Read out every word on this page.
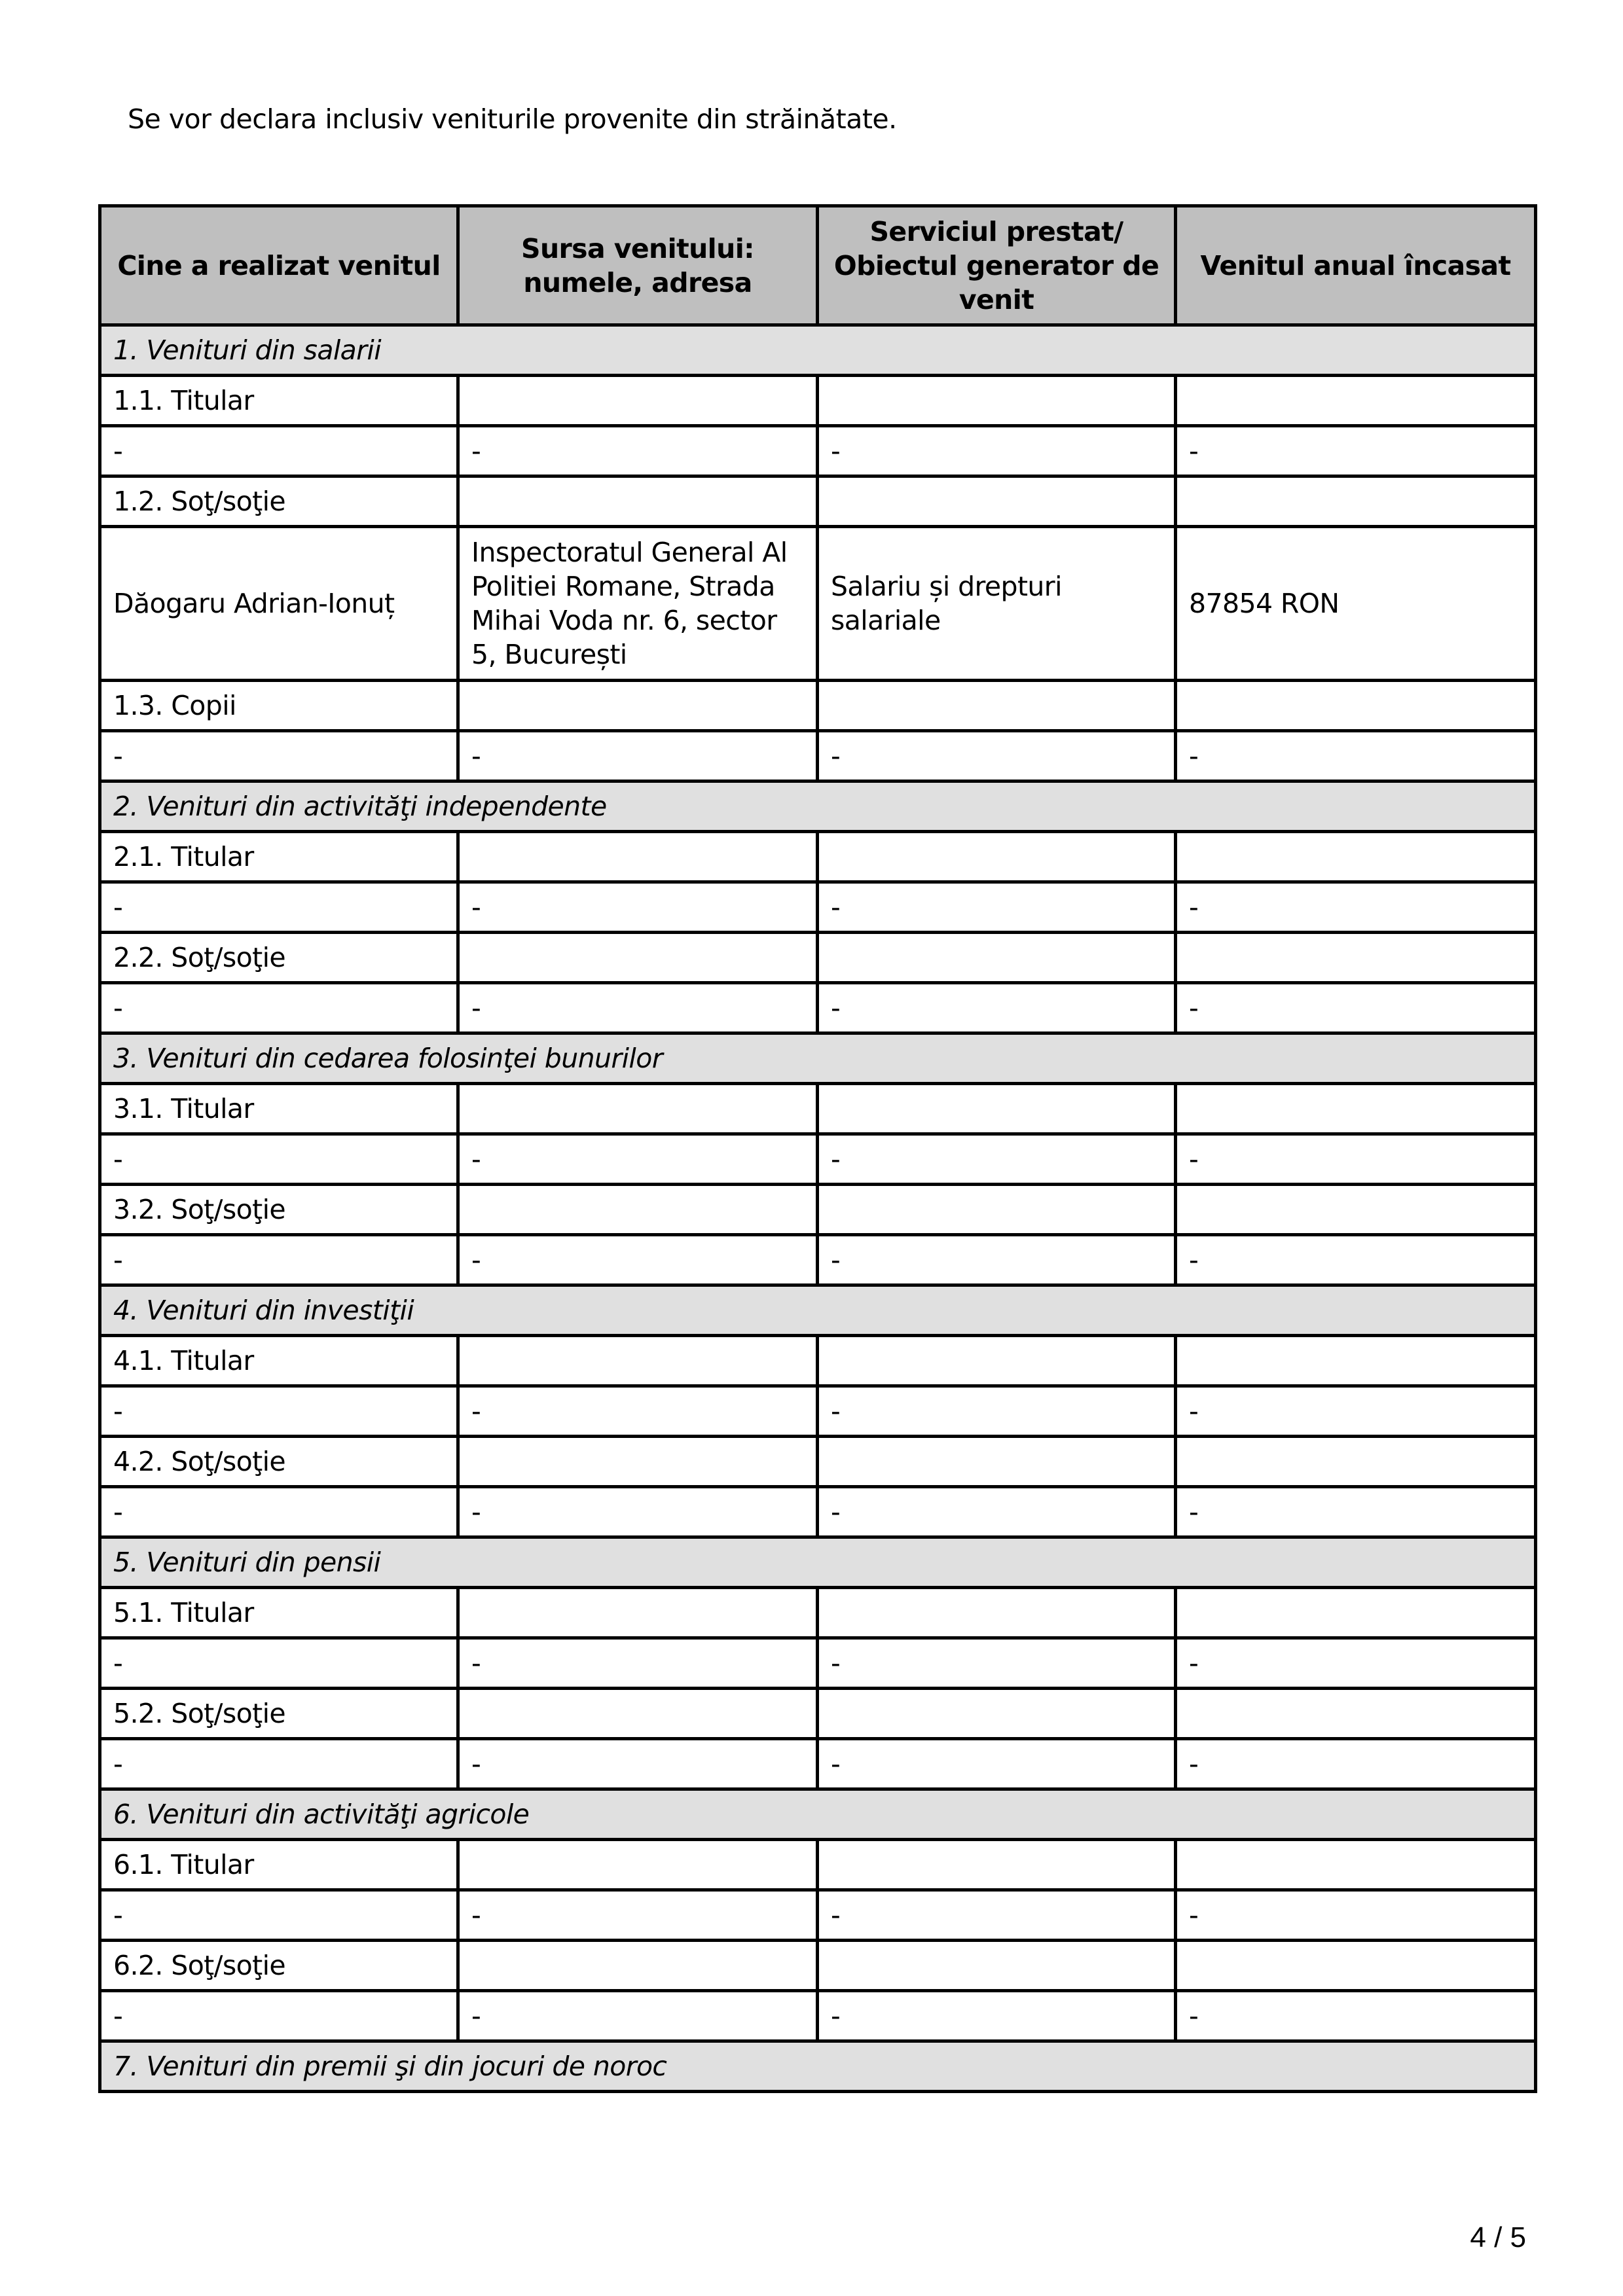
Se vor declara inclusiv veniturile provenite din străinătate.
Cine a realizat venitul	Sursa venitului: numele, adresa	Serviciul prestat/ Obiectul generator de venit	Venitul anual încasat
1. Venituri din salarii			
1.1. Titular			
-	-	-	-
1.2. Soţ/soţie			
Dăogaru Adrian-Ionuț	Inspectoratul General Al Politiei Romane, Strada Mihai Voda nr. 6, sector 5, București	Salariu și drepturi salariale	87854 RON
1.3. Copii			
-	-	-	-
2. Venituri din activităţi independente			
2.1. Titular			
-	-	-	-
2.2. Soţ/soţie			
-	-	-	-
3. Venituri din cedarea folosinţei bunurilor			
3.1. Titular			
-	-	-	-
3.2. Soţ/soţie			
-	-	-	-
4. Venituri din investiţii			
4.1. Titular			
-	-	-	-
4.2. Soţ/soţie			
-	-	-	-
5. Venituri din pensii			
5.1. Titular			
-	-	-	-
5.2. Soţ/soţie			
-	-	-	-
6. Venituri din activităţi agricole			
6.1. Titular			
-	-	-	-
6.2. Soţ/soţie			
-	-	-	-
7. Venituri din premii şi din jocuri de noroc			
4 / 5
